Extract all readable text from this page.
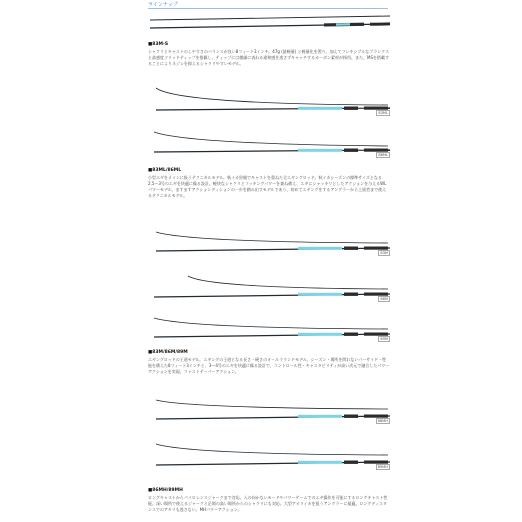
ラインナップ
■83M-S
シャクリとキャストのしやすさのバランスが良い8フィート3インチ。47g (最軽量) と軽量化を図り、加えてフレキシブルなブランクスと高感度ソリッドティップを搭載し、ティップには微細に表れる違和感を逃さずキャッチするカーボン素材が採用。また、MSを搭載することによりネジレを抑えるシャクリやすいモデル。
83ML
86ML
■83ML/86ML
小型エギをメインに扱うテクニカルモデル。秋イカ狩猟でキャストを重ねた全エギングロッド。秋イカシーズンの標準サイズとなる2.5〜3号のエギを快適に操る設計。軽快なシャクリとフッキングパワーを兼ね備え、エギにシャッキリとしたアクションを与えるWLパワーモデル。ますますアクションディションの一歩を踏み出すモデルであり、初めてエギングをするアングラーから上級者まで使えるテクニカルモデル。
83M
86M
89M
■83M/86M/89M
エギングロッドの王道モデル。エギングの王道となる長さ・硬さのオールラウンドモデル。シーズン・場所を問わないパーサイド・性能を備えた8フィート3インチと、3〜4号のエギを快適に操る設計で、コントロール性・キャスタビリティが高い次元で融合したパワーアクションを実現。ファストテーパーアクション。
86MH
89MH
■86MH/89MH
ロングキャストからパイロレンスジャークまで対応。入の向かないモードやパワーゲームでのエギ操作を可能にするロングキャスト性能。深い場所で使えるジャークと足場の高い場所からのシャクリにも対応。大型アオリイカを狙うアングラーに最適。ロングディスタンスでのアタリも逃さない、MHパワーアクション。
